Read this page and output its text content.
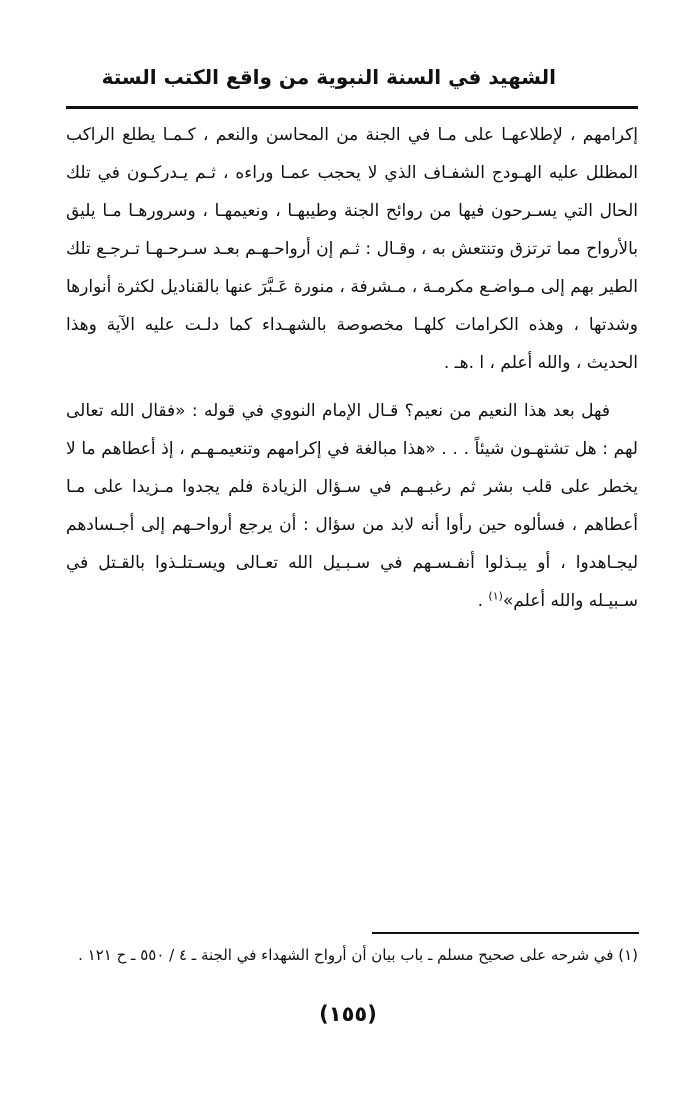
الشهيد في السنة النبوية من واقع الكتب الستة

إكرامهم ، لإطلاعهـا على مـا في الجنة من المحاسن والنعم ، كـمـا يطلع الراكب المظلل عليه الهـودج الشفـاف الذي لا يحجب عمـا وراءه ، ثـم يـدركـون في تلك الحال التي يسـرحون فيها من روائح الجنة وطيبهـا ، ونعيمهـا ، وسرورهـا مـا يليق بالأرواح مما ترتزق وتنتعش به ، وقـال : ثـم إن أرواحـهـم بعـد سـرحـهـا تـرجـع تلك الطير بهم إلى مـواضـع مكرمـة ، مـشرفة ، منورة عَـبَّرَ عنها بالقناديل لكثرة أنوارها وشدتها ، وهذه الكرامات كلهـا مخصوصة بالشهـداء كما دلـت عليه الآية وهذا الحديث ، والله أعلم ، ا .هـ .

فهل بعد هذا النعيم من نعيم؟ قـال الإمام النووي في قوله : «فقال الله تعالى لهم : هل تشتهـون شيئاً . . . «هذا مبالغة في إكرامهم وتنعيمـهـم ، إذ أعطاهم ما لا يخطر على قلب بشر ثم رغبـهـم في سـؤال الزيادة فلم يجدوا مـزيدا على مـا أعطاهم ، فسألوه حين رأوا أنه لابد من سؤال : أن يرجع أرواحـهم إلى أجـسادهم ليجـاهدوا ، أو يبـذلوا أنفـسـهم في سـبـيل الله تعـالى ويسـتلـذوا بالقـتل في سـبيـله والله أعلم»$^{(١)}$ .

(١) في شرحه على صحيح مسلم ـ باب بيان أن أرواح الشهداء في الجنة ـ ٤ / ٥٥٠ ـ ح ١٢١ .
(١٥٥)
